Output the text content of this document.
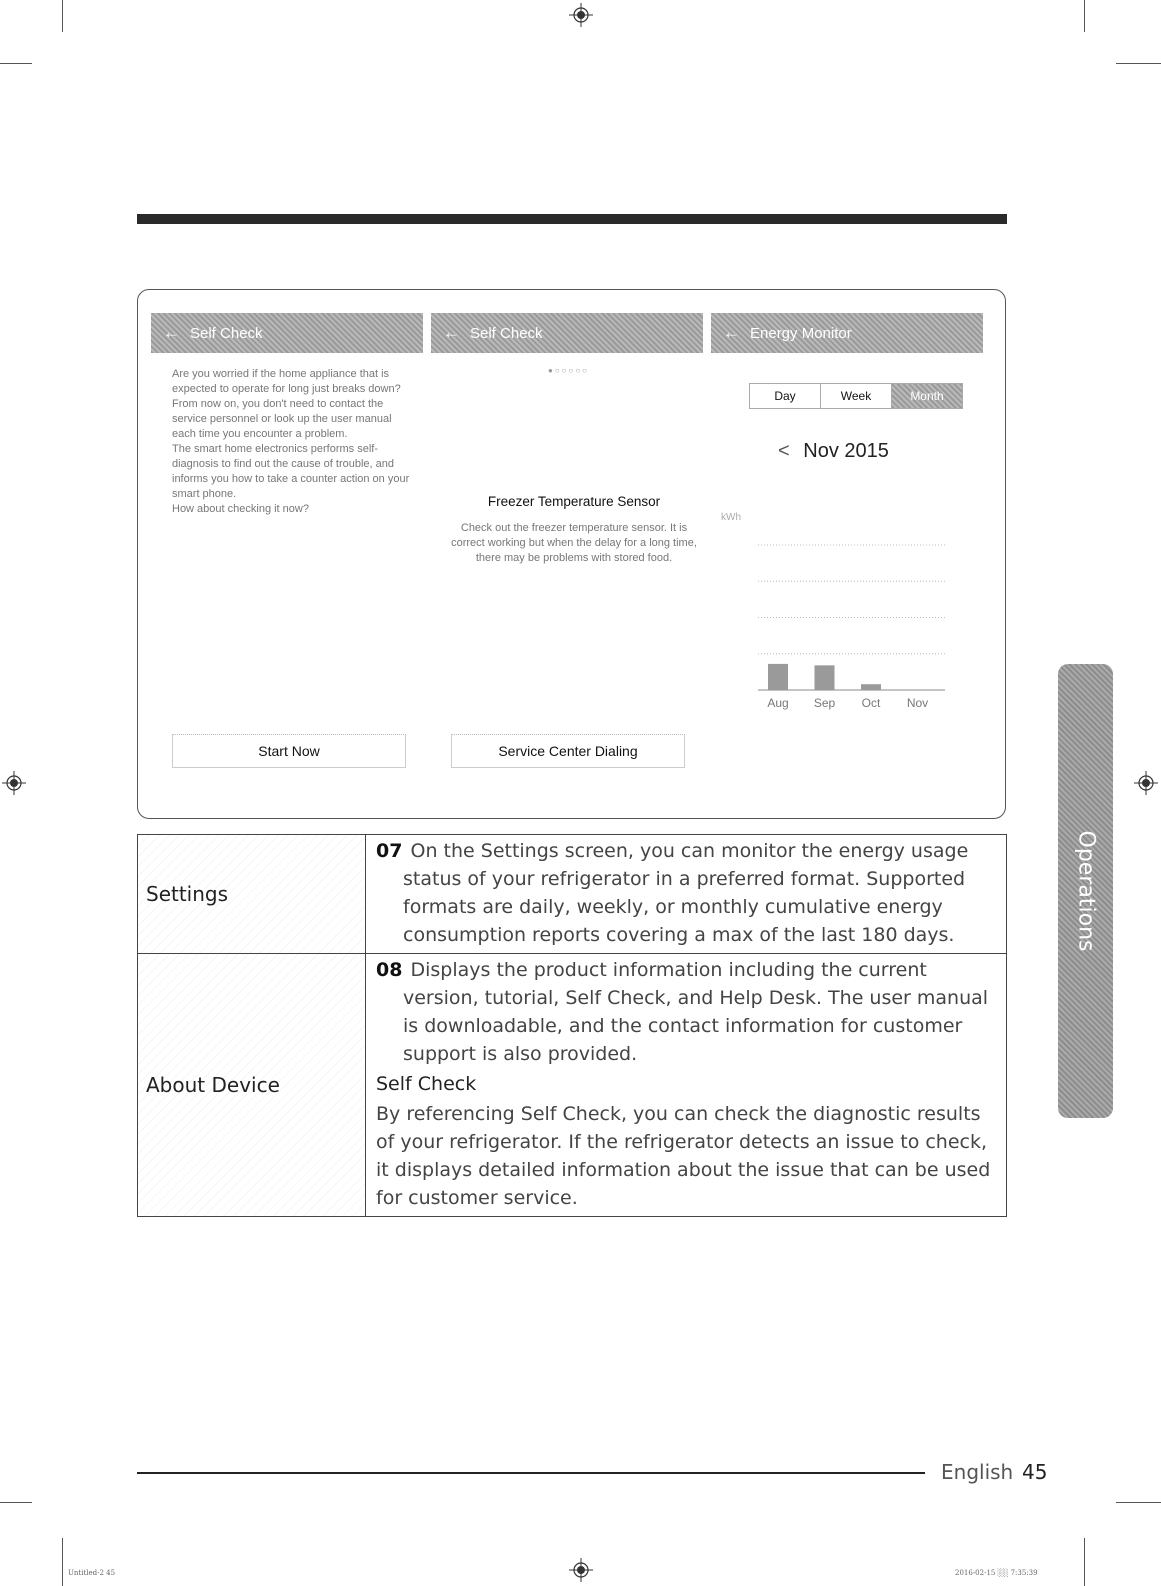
← Self Check
Are you worried if the home appliance that is expected to operate for long just breaks down?
From now on, you don't need to contact the service personnel or look up the user manual each time you encounter a problem.
The smart home electronics performs self-diagnosis to find out the cause of trouble, and informs you how to take a counter action on your smart phone.
How about checking it now?
Start Now
← Self Check
●○○○○○
Freezer Temperature Sensor
Check out the freezer temperature sensor. It is correct working but when the delay for a long time, there may be problems with stored food.
Service Center Dialing
← Energy Monitor
Day	Week	Month
< Nov 2015
kWh
Aug Sep Oct Nov
Settings	07 On the Settings screen, you can monitor the energy usage status of your refrigerator in a preferred format. Supported formats are daily, weekly, or monthly cumulative energy consumption reports covering a max of the last 180 days.

About Device	08 Displays the product information including the current version, tutorial, Self Check, and Help Desk. The user manual is downloadable, and the contact information for customer support is also provided.
Self Check
By referencing Self Check, you can check the diagnostic results of your refrigerator. If the refrigerator detects an issue to check, it displays detailed information about the issue that can be used for customer service.
Operations
English 45
Untitled-2 45	2016-02-15 ░░ 7:35:39
